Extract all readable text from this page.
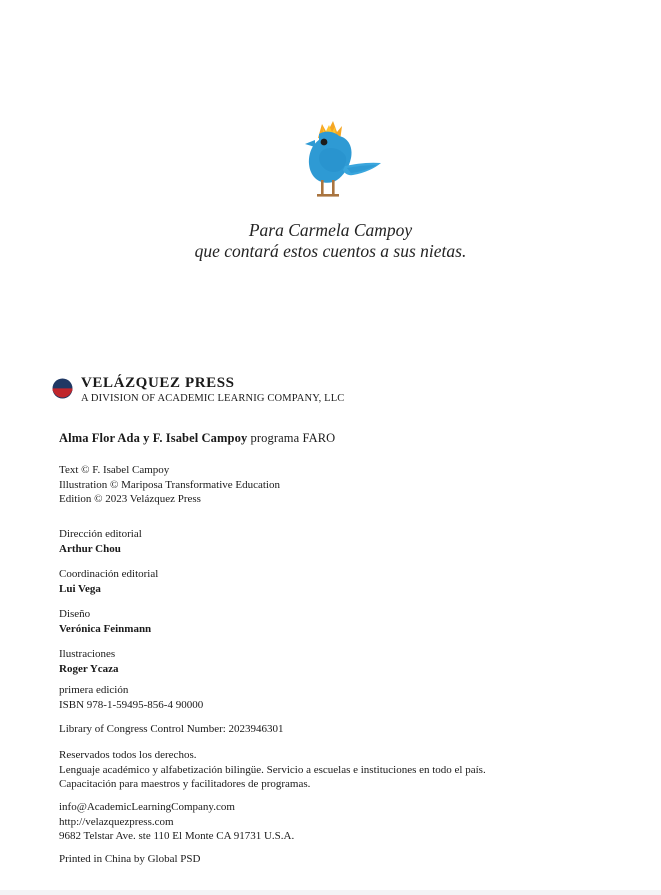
Para Carmela Campoy
que contará estos cuentos a sus nietas.
VELÁZQUEZ PRESS
A DIVISION OF ACADEMIC LEARNIG COMPANY, LLC
Alma Flor Ada y F. Isabel Campoy programa FARO
Text © F. Isabel Campoy
Illustration © Mariposa Transformative Education
Edition © 2023 Velázquez Press
Dirección editorial
Arthur Chou
Coordinación editorial
Lui Vega
Diseño
Verónica Feinmann
Ilustraciones
Roger Ycaza
primera edición
ISBN 978-1-59495-856-4 90000
Library of Congress Control Number: 2023946301
Reservados todos los derechos.
Lenguaje académico y alfabetización bilingüe. Servicio a escuelas e instituciones en todo el país.
Capacitación para maestros y facilitadores de programas.
info@AcademicLearningCompany.com
http://velazquezpress.com
9682 Telstar Ave. ste 110 El Monte CA 91731 U.S.A.
Printed in China by Global PSD
